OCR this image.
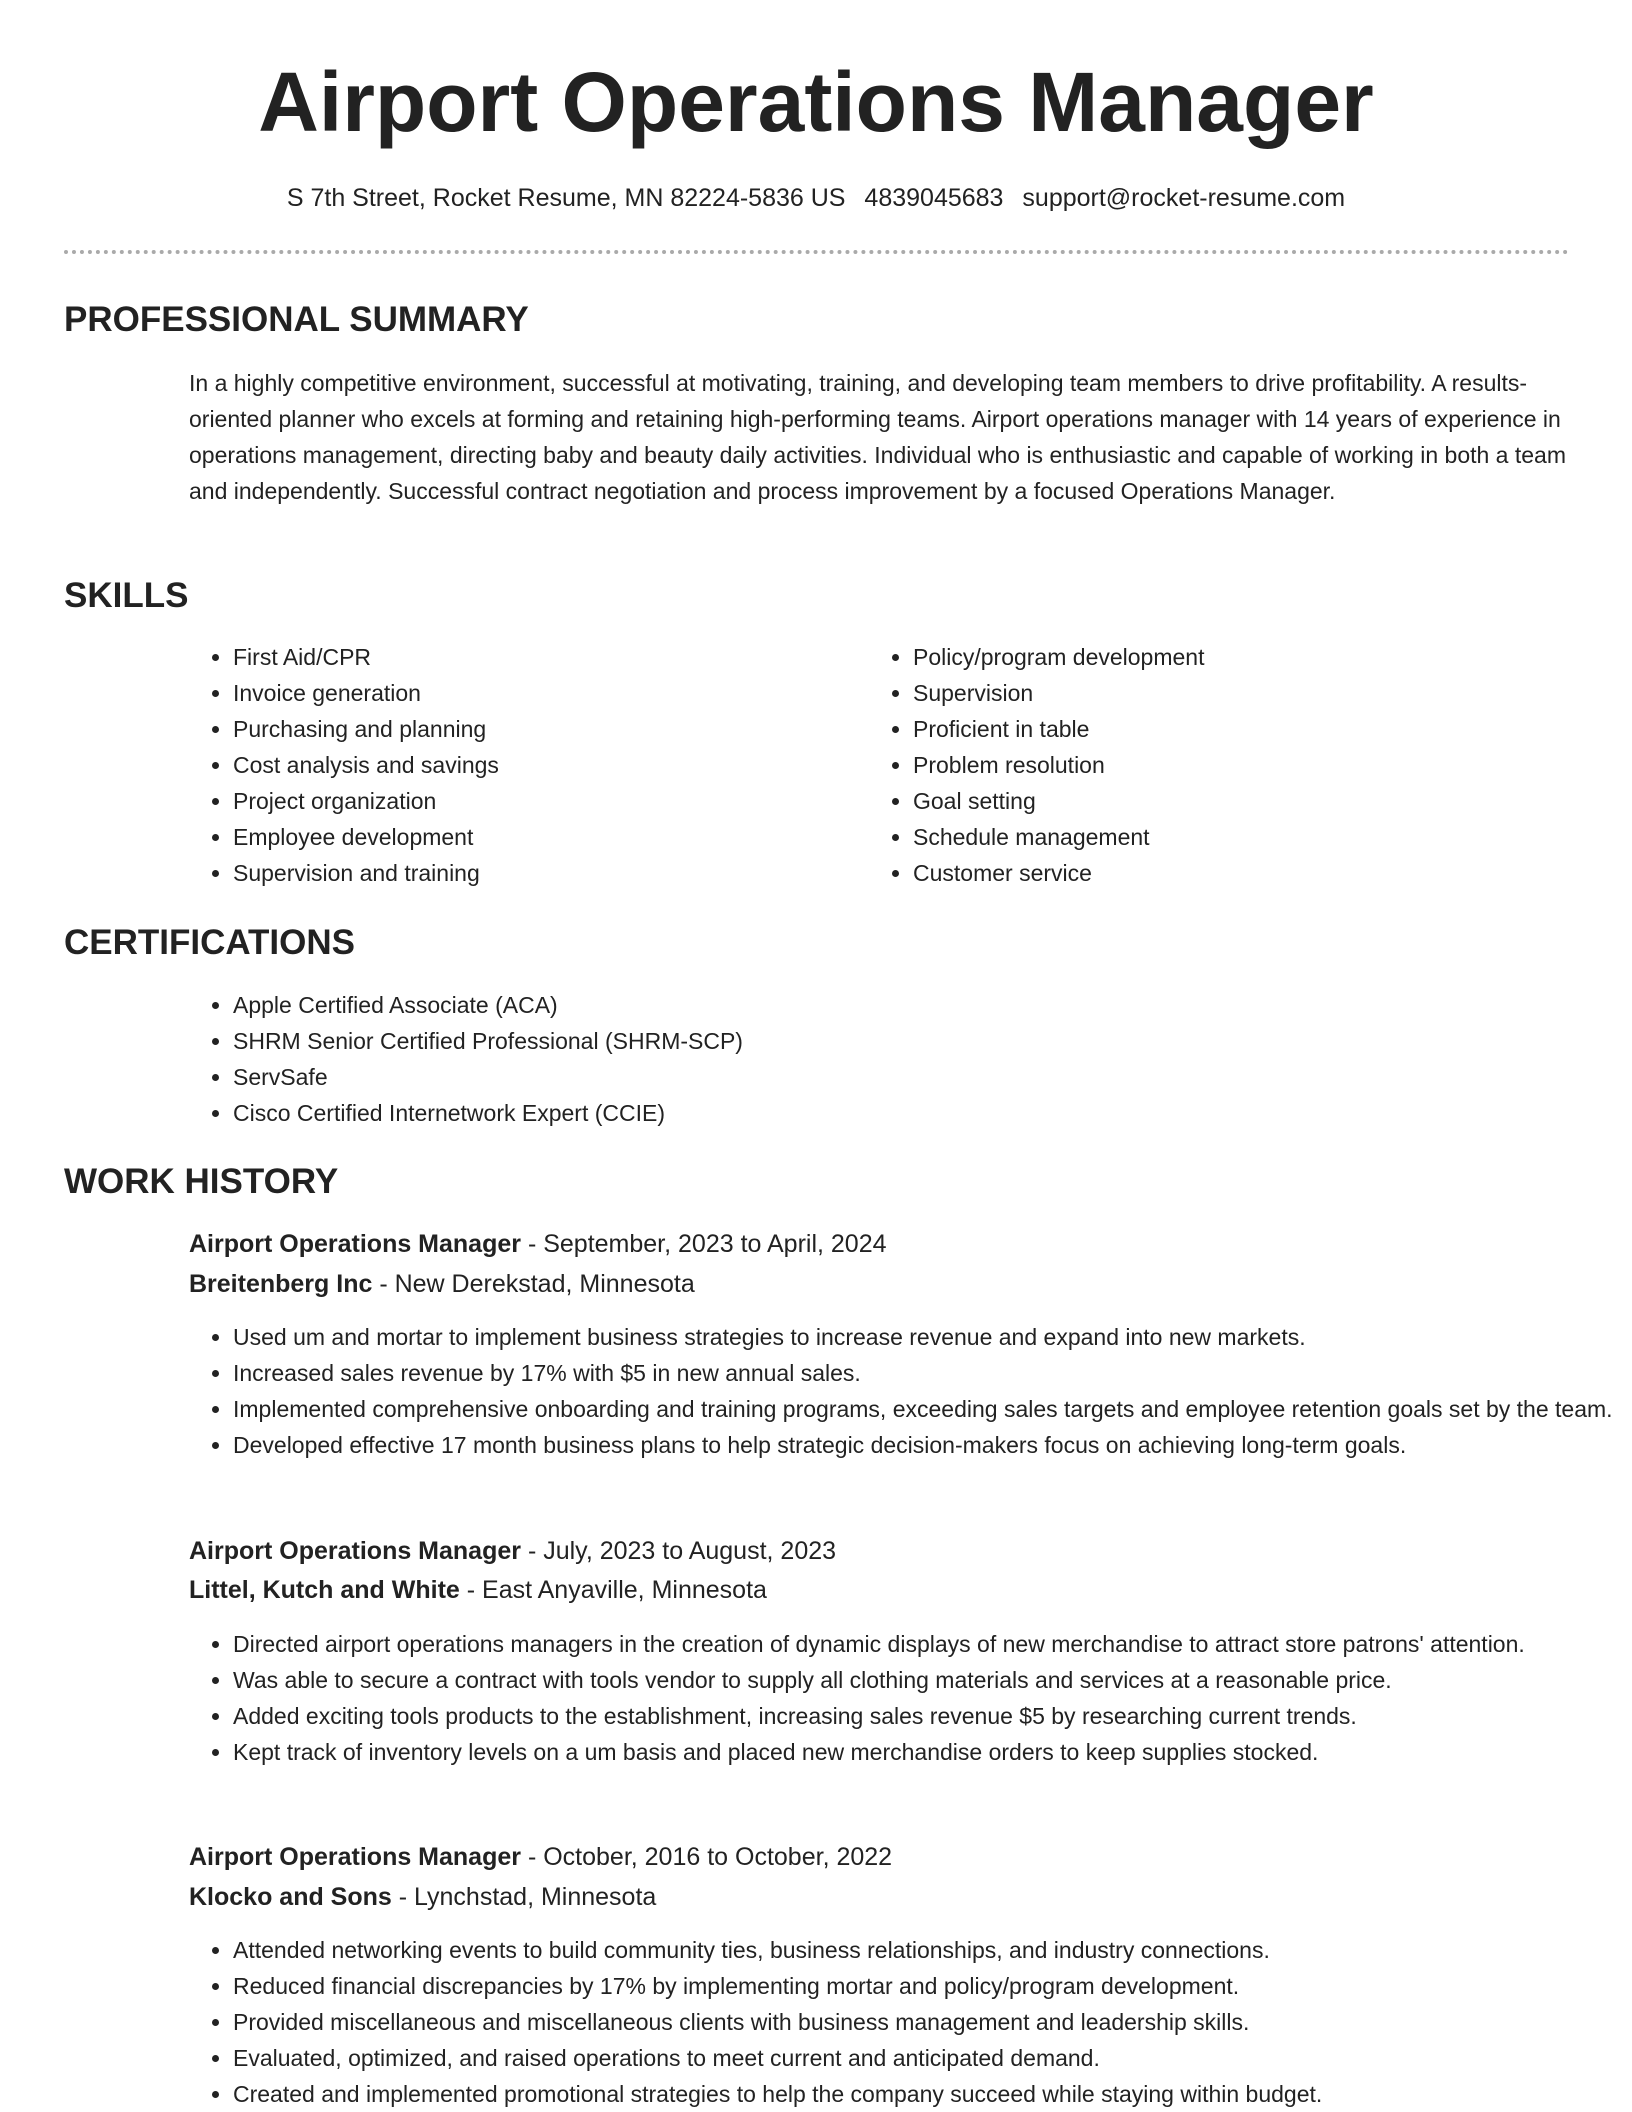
Airport Operations Manager
S 7th Street, Rocket Resume, MN 82224-5836 US 4839045683 support@rocket-resume.com
PROFESSIONAL SUMMARY

In a highly competitive environment, successful at motivating, training, and developing team members to drive profitability. A results-oriented planner who excels at forming and retaining high-performing teams. Airport operations manager with 14 years of experience in operations management, directing baby and beauty daily activities. Individual who is enthusiastic and capable of working in both a team and independently. Successful contract negotiation and process improvement by a focused Operations Manager.

SKILLS
• First Aid/CPR
• Invoice generation
• Purchasing and planning
• Cost analysis and savings
• Project organization
• Employee development
• Supervision and training
• Policy/program development
• Supervision
• Proficient in table
• Problem resolution
• Goal setting
• Schedule management
• Customer service
CERTIFICATIONS
• Apple Certified Associate (ACA)
• SHRM Senior Certified Professional (SHRM-SCP)
• ServSafe
• Cisco Certified Internetwork Expert (CCIE)
WORK HISTORY
Airport Operations Manager - September, 2023 to April, 2024
Breitenberg Inc - New Derekstad, Minnesota
• Used um and mortar to implement business strategies to increase revenue and expand into new markets.
• Increased sales revenue by 17% with $5 in new annual sales.
• Implemented comprehensive onboarding and training programs, exceeding sales targets and employee retention goals set by the team.
• Developed effective 17 month business plans to help strategic decision-makers focus on achieving long-term goals.
Airport Operations Manager - July, 2023 to August, 2023
Littel, Kutch and White - East Anyaville, Minnesota
• Directed airport operations managers in the creation of dynamic displays of new merchandise to attract store patrons' attention.
• Was able to secure a contract with tools vendor to supply all clothing materials and services at a reasonable price.
• Added exciting tools products to the establishment, increasing sales revenue $5 by researching current trends.
• Kept track of inventory levels on a um basis and placed new merchandise orders to keep supplies stocked.
Airport Operations Manager - October, 2016 to October, 2022
Klocko and Sons - Lynchstad, Minnesota
• Attended networking events to build community ties, business relationships, and industry connections.
• Reduced financial discrepancies by 17% by implementing mortar and policy/program development.
• Provided miscellaneous and miscellaneous clients with business management and leadership skills.
• Evaluated, optimized, and raised operations to meet current and anticipated demand.
• Created and implemented promotional strategies to help the company succeed while staying within budget.
